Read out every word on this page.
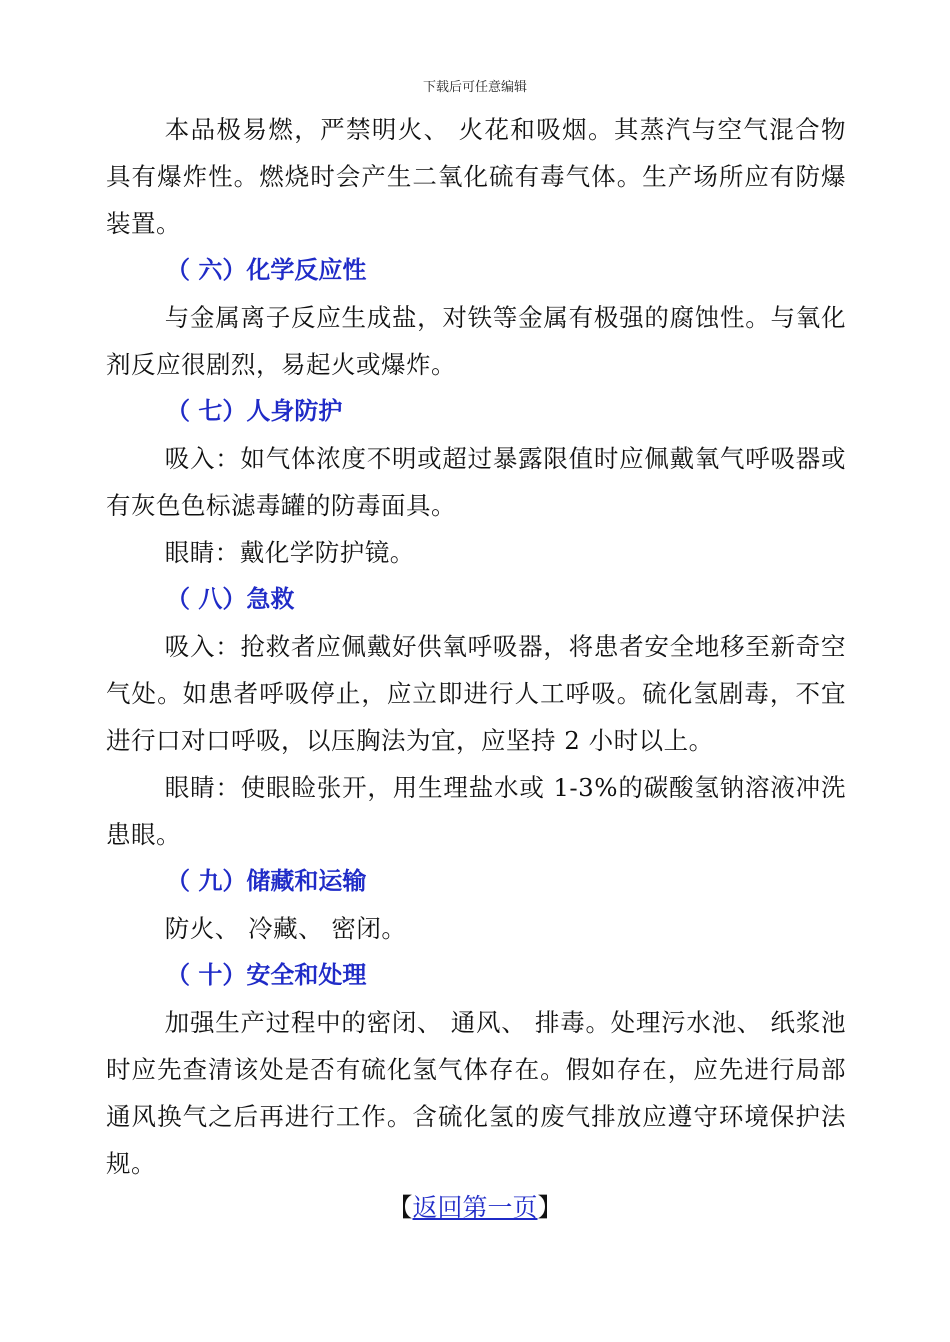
下载后可任意编辑

本品极易燃，严禁明火、 火花和吸烟。其蒸汽与空气混合物具有爆炸性。燃烧时会产生二氧化硫有毒气体。生产场所应有防爆装置。

（ 六）化学反应性

与金属离子反应生成盐，对铁等金属有极强的腐蚀性。与氧化剂反应很剧烈，易起火或爆炸。

（ 七）人身防护

吸入：如气体浓度不明或超过暴露限值时应佩戴氧气呼吸器或有灰色色标滤毒罐的防毒面具。

眼睛：戴化学防护镜。

（ 八）急救

吸入：抢救者应佩戴好供氧呼吸器，将患者安全地移至新奇空气处。如患者呼吸停止，应立即进行人工呼吸。硫化氢剧毒，不宜进行口对口呼吸，以压胸法为宜，应坚持 2 小时以上。

眼睛：使眼睑张开，用生理盐水或 1-3%的碳酸氢钠溶液冲洗患眼。

（ 九）储藏和运输

防火、 冷藏、 密闭。

（ 十）安全和处理

加强生产过程中的密闭、 通风、 排毒。处理污水池、 纸浆池时应先查清该处是否有硫化氢气体存在。假如存在，应先进行局部通风换气之后再进行工作。含硫化氢的废气排放应遵守环境保护法规。

【返回第一页】
